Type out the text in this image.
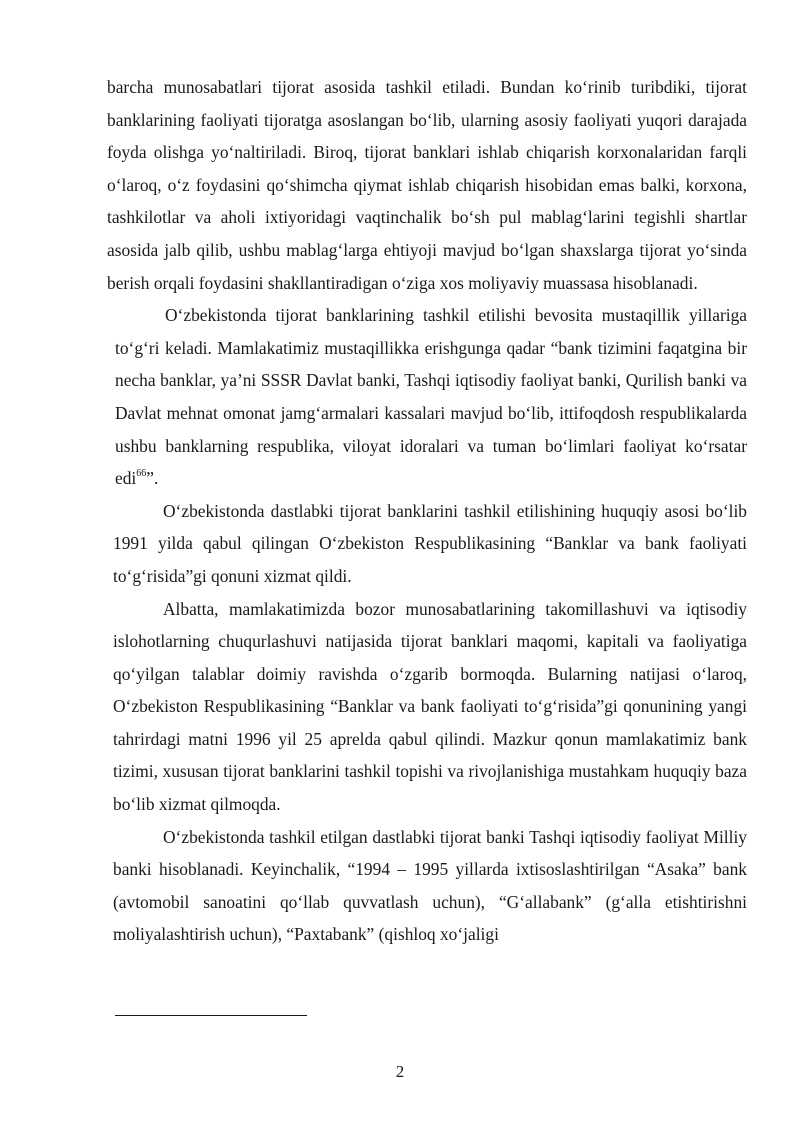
barcha munosabatlari tijorat asosida tashkil etiladi. Bundan koʻrinib turibdiki, tijorat banklarining faoliyati tijoratga asoslangan boʻlib, ularning asosiy faoliyati yuqori darajada foyda olishga yoʻnaltiriladi. Biroq, tijorat banklari ishlab chiqarish korxonalaridan farqli oʻlaroq, oʻz foydasini qoʻshimcha qiymat ishlab chiqarish hisobidan emas balki, korxona, tashkilotlar va aholi ixtiyoridagi vaqtinchalik boʻsh pul mablagʻlarini tegishli shartlar asosida jalb qilib, ushbu mablagʻlarga ehtiyoji mavjud boʻlgan shaxslarga tijorat yoʻsinda berish orqali foydasini shakllantiradigan oʻziga xos moliyaviy muassasa hisoblanadi.

Oʻzbekistonda tijorat banklarining tashkil etilishi bevosita mustaqillik yillariga toʻgʻri keladi. Mamlakatimiz mustaqillikka erishgunga qadar “bank tizimini faqatgina bir necha banklar, ya’ni SSSR Davlat banki, Tashqi iqtisodiy faoliyat banki, Qurilish banki va Davlat mehnat omonat jamgʻarmalari kassalari mavjud boʻlib, ittifoqdosh respublikalarda ushbu banklarning respublika, viloyat idoralari va tuman boʻlimlari faoliyat koʻrsatar edi$^{66}$”.

Oʻzbekistonda dastlabki tijorat banklarini tashkil etilishining huquqiy asosi boʻlib 1991 yilda qabul qilingan Oʻzbekiston Respublikasining “Banklar va bank faoliyati toʻgʻrisida”gi qonuni xizmat qildi.

Albatta, mamlakatimizda bozor munosabatlarining takomillashuvi va iqtisodiy islohotlarning chuqurlashuvi natijasida tijorat banklari maqomi, kapitali va faoliyatiga qoʻyilgan talablar doimiy ravishda oʻzgarib bormoqda. Bularning natijasi oʻlaroq, Oʻzbekiston Respublikasining “Banklar va bank faoliyati toʻgʻrisida”gi qonunining yangi tahrirdagi matni 1996 yil 25 aprelda qabul qilindi. Mazkur qonun mamlakatimiz bank tizimi, xususan tijorat banklarini tashkil topishi va rivojlanishiga mustahkam huquqiy baza boʻlib xizmat qilmoqda.

Oʻzbekistonda tashkil etilgan dastlabki tijorat banki Tashqi iqtisodiy faoliyat Milliy banki hisoblanadi. Keyinchalik, “1994 – 1995 yillarda ixtisoslashtirilgan “Asaka” bank (avtomobil sanoatini qoʻllab quvvatlash uchun), “Gʻallabank” (gʻalla etishtirishni moliyalashtirish uchun), “Paxtabank” (qishloq xoʻjaligi

2
